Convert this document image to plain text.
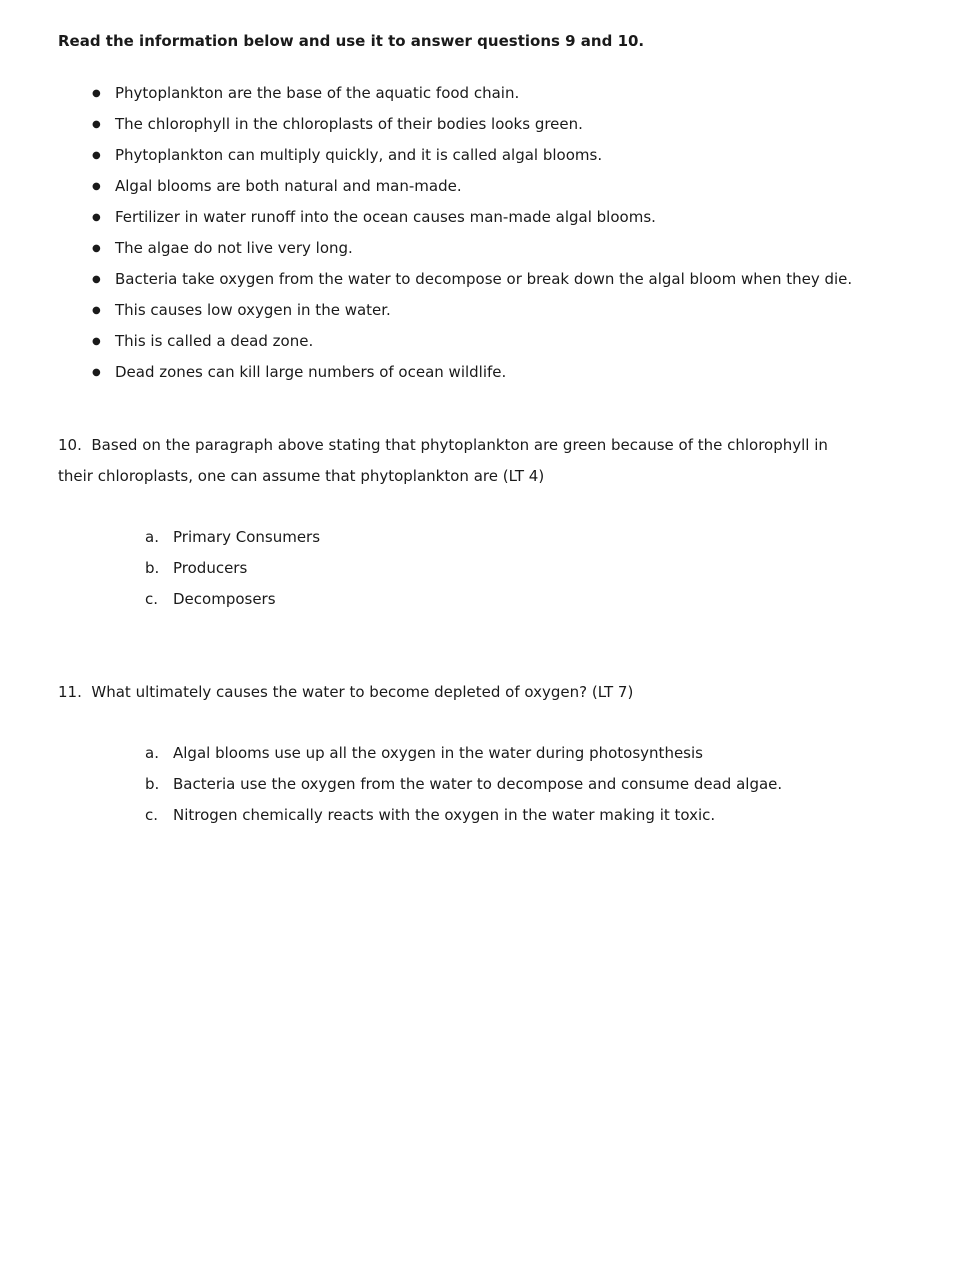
Read the information below and use it to answer questions 9 and 10.

● Phytoplankton are the base of the aquatic food chain.
● The chlorophyll in the chloroplasts of their bodies looks green.
● Phytoplankton can multiply quickly, and it is called algal blooms.
● Algal blooms are both natural and man-made.
● Fertilizer in water runoff into the ocean causes man-made algal blooms.
● The algae do not live very long.
● Bacteria take oxygen from the water to decompose or break down the algal bloom when they die.
● This causes low oxygen in the water.
● This is called a dead zone.
● Dead zones can kill large numbers of ocean wildlife.

10.  Based on the paragraph above stating that phytoplankton are green because of the chlorophyll in their chloroplasts, one can assume that phytoplankton are (LT 4)

a. Primary Consumers
b. Producers
c. Decomposers

11.  What ultimately causes the water to become depleted of oxygen? (LT 7)

a. Algal blooms use up all the oxygen in the water during photosynthesis
b. Bacteria use the oxygen from the water to decompose and consume dead algae.
c. Nitrogen chemically reacts with the oxygen in the water making it toxic.
